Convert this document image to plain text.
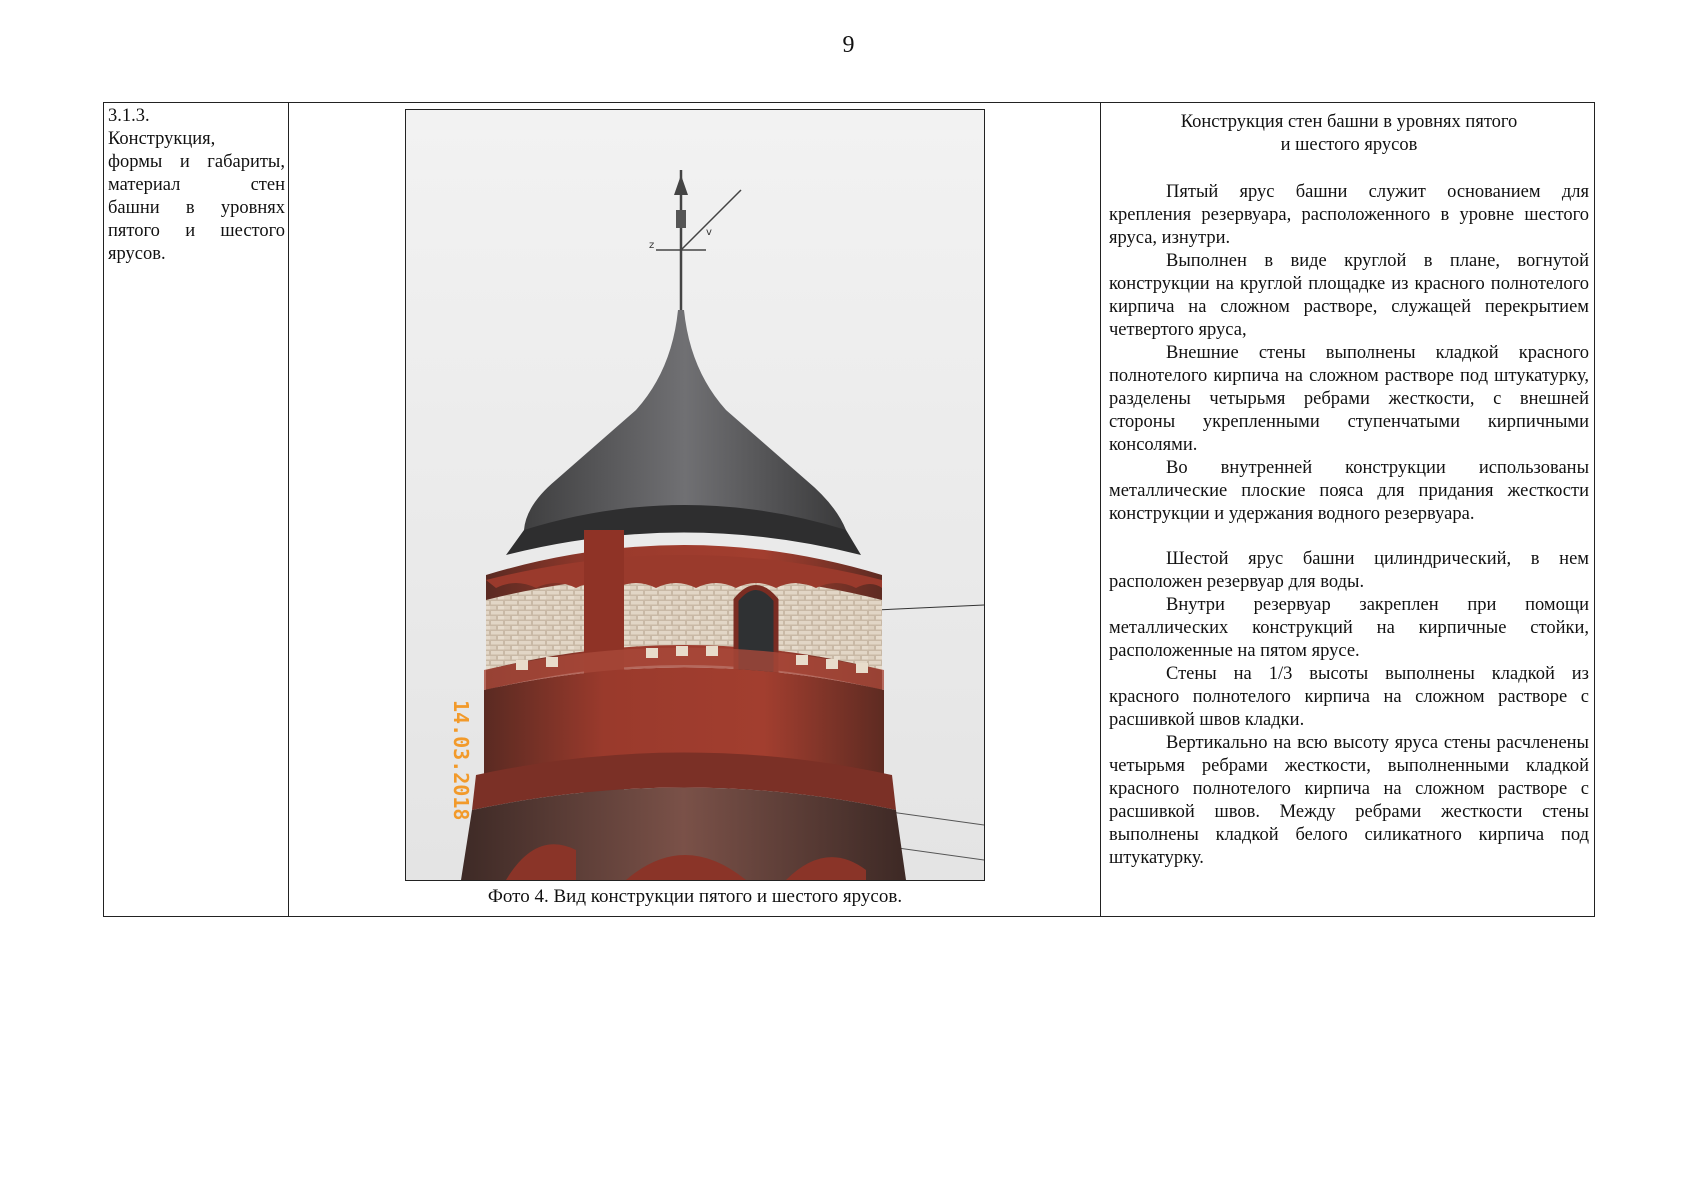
9
3.1.3.
Конструкция,
формы и габариты,
материал стен
башни в уровнях
пятого и шестого
ярусов.	z
v
14.03.2018
Фото 4. Вид конструкции пятого и шестого ярусов.
Конструкция стен башни в уровнях пятого
и шестого ярусов

Пятый ярус башни служит основанием для крепления резервуара, расположенного в уровне шестого яруса, изнутри.

Выполнен в виде круглой в плане, вогнутой конструкции на круглой площадке из красного полнотелого кирпича на сложном растворе, служащей перекрытием четвертого яруса,

Внешние стены выполнены кладкой красного полнотелого кирпича на сложном растворе под штукатурку, разделены четырьмя ребрами жесткости, с внешней стороны укрепленными ступенчатыми кирпичными консолями.

Во внутренней конструкции использованы металлические плоские пояса для придания жесткости конструкции и удержания водного резервуара.

Шестой ярус башни цилиндрический, в нем расположен резервуар для воды.

Внутри резервуар закреплен при помощи металлических конструкций на кирпичные стойки, расположенные на пятом ярусе.

Стены на 1/3 высоты выполнены кладкой из красного полнотелого кирпича на сложном растворе с расшивкой швов кладки.

Вертикально на всю высоту яруса стены расчленены четырьмя ребрами жесткости, выполненными кладкой красного полнотелого кирпича на сложном растворе с расшивкой швов. Между ребрами жесткости стены выполнены кладкой белого силикатного кирпича под штукатурку.
